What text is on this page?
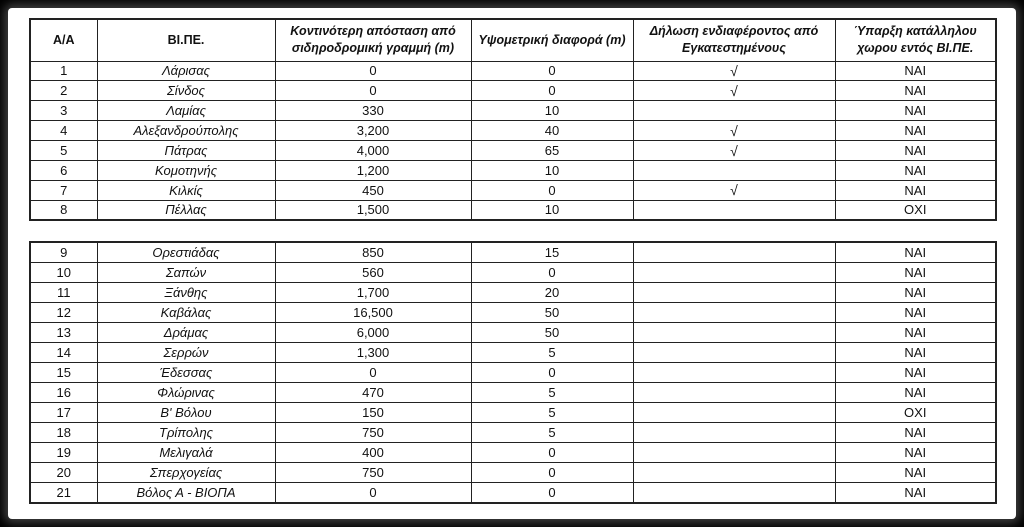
Α/Α	ΒΙ.ΠΕ.	Κοντινότερη απόσταση από σιδηροδρομική γραμμή (m)	Υψομετρική διαφορά (m)	Δήλωση ενδιαφέροντος από Εγκατεστημένους	Ύπαρξη κατάλληλου χωρου εντός ΒΙ.ΠΕ.
1	Λάρισας	0	0	√	ΝΑΙ
2	Σίνδος	0	0	√	ΝΑΙ
3	Λαμίας	330	10		ΝΑΙ
4	Αλεξανδρούπολης	3,200	40	√	ΝΑΙ
5	Πάτρας	4,000	65	√	ΝΑΙ
6	Κομοτηνής	1,200	10		ΝΑΙ
7	Κιλκίς	450	0	√	ΝΑΙ
8	Πέλλας	1,500	10		ΟΧΙ
9	Ορεστιάδας	850	15		ΝΑΙ
10	Σαπών	560	0		ΝΑΙ
11	Ξάνθης	1,700	20		ΝΑΙ
12	Καβάλας	16,500	50		ΝΑΙ
13	Δράμας	6,000	50		ΝΑΙ
14	Σερρών	1,300	5		ΝΑΙ
15	Έδεσσας	0	0		ΝΑΙ
16	Φλώρινας	470	5		ΝΑΙ
17	Β' Βόλου	150	5		ΟΧΙ
18	Τρίπολης	750	5		ΝΑΙ
19	Μελιγαλά	400	0		ΝΑΙ
20	Σπερχογείας	750	0		ΝΑΙ
21	Βόλος Α - ΒΙΟΠΑ	0	0		ΝΑΙ
